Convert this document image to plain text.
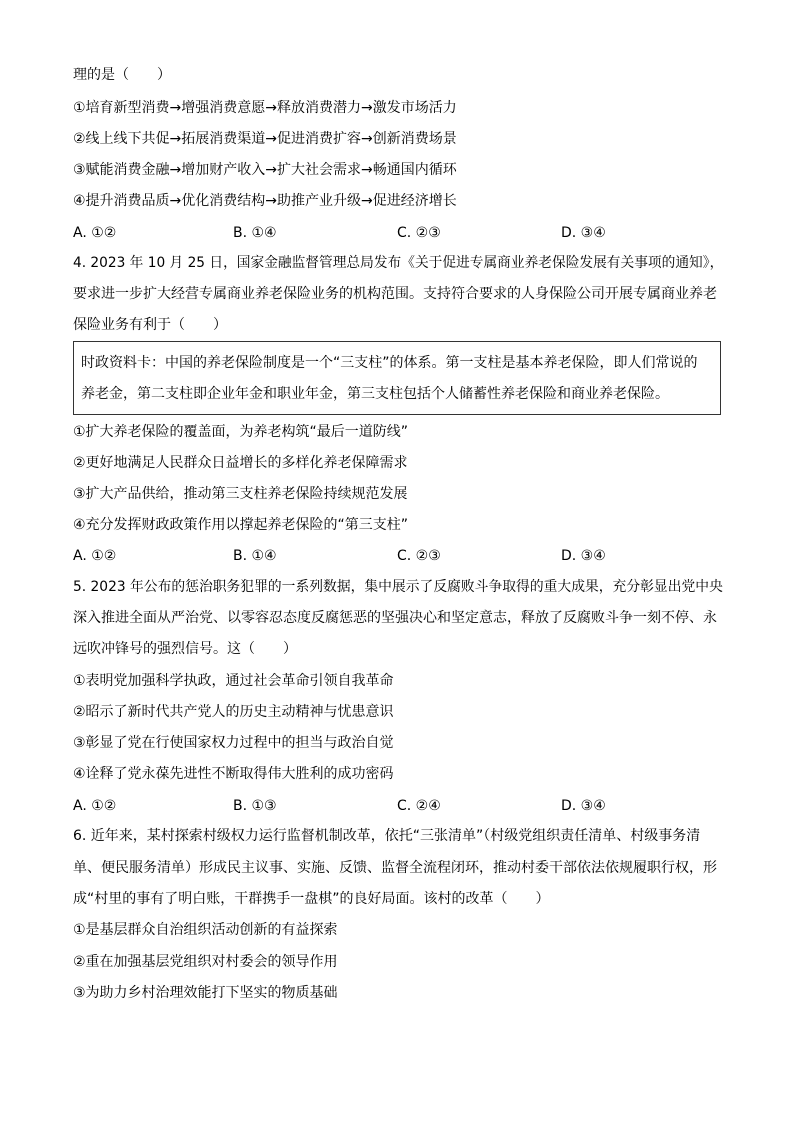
理的是（　　）

①培育新型消费→增强消费意愿→释放消费潜力→激发市场活力

②线上线下共促→拓展消费渠道→促进消费扩容→创新消费场景

③赋能消费金融→增加财产收入→扩大社会需求→畅通国内循环

④提升消费品质→优化消费结构→助推产业升级→促进经济增长

A. ①②	B. ①④	C. ②③	D. ③④

4. 2023 年 10 月 25 日，国家金融监督管理总局发布《关于促进专属商业养老保险发展有关事项的通知》，

要求进一步扩大经营专属商业养老保险业务的机构范围。支持符合要求的人身保险公司开展专属商业养老

保险业务有利于（　　）

时政资料卡：中国的养老保险制度是一个“三支柱”的体系。第一支柱是基本养老保险，即人们常说的

养老金，第二支柱即企业年金和职业年金，第三支柱包括个人储蓄性养老保险和商业养老保险。

①扩大养老保险的覆盖面，为养老构筑“最后一道防线”

②更好地满足人民群众日益增长的多样化养老保障需求

③扩大产品供给，推动第三支柱养老保险持续规范发展

④充分发挥财政政策作用以撑起养老保险的“第三支柱”

A. ①②	B. ①④	C. ②③	D. ③④

5. 2023 年公布的惩治职务犯罪的一系列数据，集中展示了反腐败斗争取得的重大成果，充分彰显出党中央

深入推进全面从严治党、以零容忍态度反腐惩恶的坚强决心和坚定意志，释放了反腐败斗争一刻不停、永

远吹冲锋号的强烈信号。这（　　）

①表明党加强科学执政，通过社会革命引领自我革命

②昭示了新时代共产党人的历史主动精神与忧患意识

③彰显了党在行使国家权力过程中的担当与政治自觉

④诠释了党永葆先进性不断取得伟大胜利的成功密码

A. ①②	B. ①③	C. ②④	D. ③④

6. 近年来，某村探索村级权力运行监督机制改革，依托“三张清单”（村级党组织责任清单、村级事务清

单、便民服务清单）形成民主议事、实施、反馈、监督全流程闭环，推动村委干部依法依规履职行权，形

成“村里的事有了明白账，干群携手一盘棋”的良好局面。该村的改革（　　）

①是基层群众自治组织活动创新的有益探索

②重在加强基层党组织对村委会的领导作用

③为助力乡村治理效能打下坚实的物质基础
